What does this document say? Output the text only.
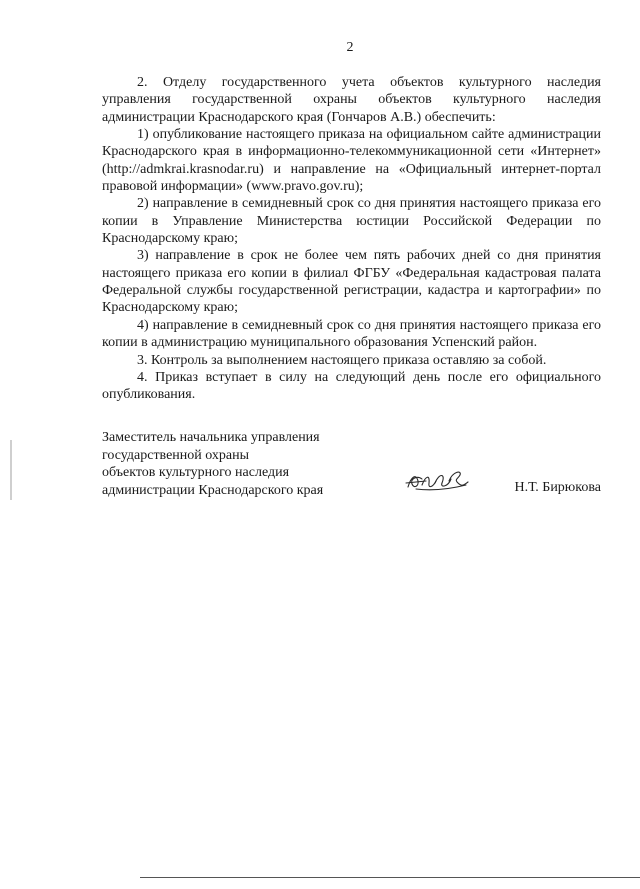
2

2. Отделу государственного учета объектов культурного наследия управления государственной охраны объектов культурного наследия администрации Краснодарского края (Гончаров А.В.) обеспечить:

1) опубликование настоящего приказа на официальном сайте администрации Краснодарского края в информационно-телекоммуникационной сети «Интернет» (http://admkrai.krasnodar.ru) и направление на «Официальный интернет-портал правовой информации» (www.pravo.gov.ru);

2) направление в семидневный срок со дня принятия настоящего приказа его копии в Управление Министерства юстиции Российской Федерации по Краснодарскому краю;

3) направление в срок не более чем пять рабочих дней со дня принятия настоящего приказа его копии в филиал ФГБУ «Федеральная кадастровая палата Федеральной службы государственной регистрации, кадастра и картографии» по Краснодарскому краю;

4) направление в семидневный срок со дня принятия настоящего приказа его копии в администрацию муниципального образования Успенский район.

3. Контроль за выполнением настоящего приказа оставляю за собой.

4. Приказ вступает в силу на следующий день после его официального опубликования.

Заместитель начальника управления

государственной охраны

объектов культурного наследия

администрации Краснодарского края	Н.Т. Бирюкова
